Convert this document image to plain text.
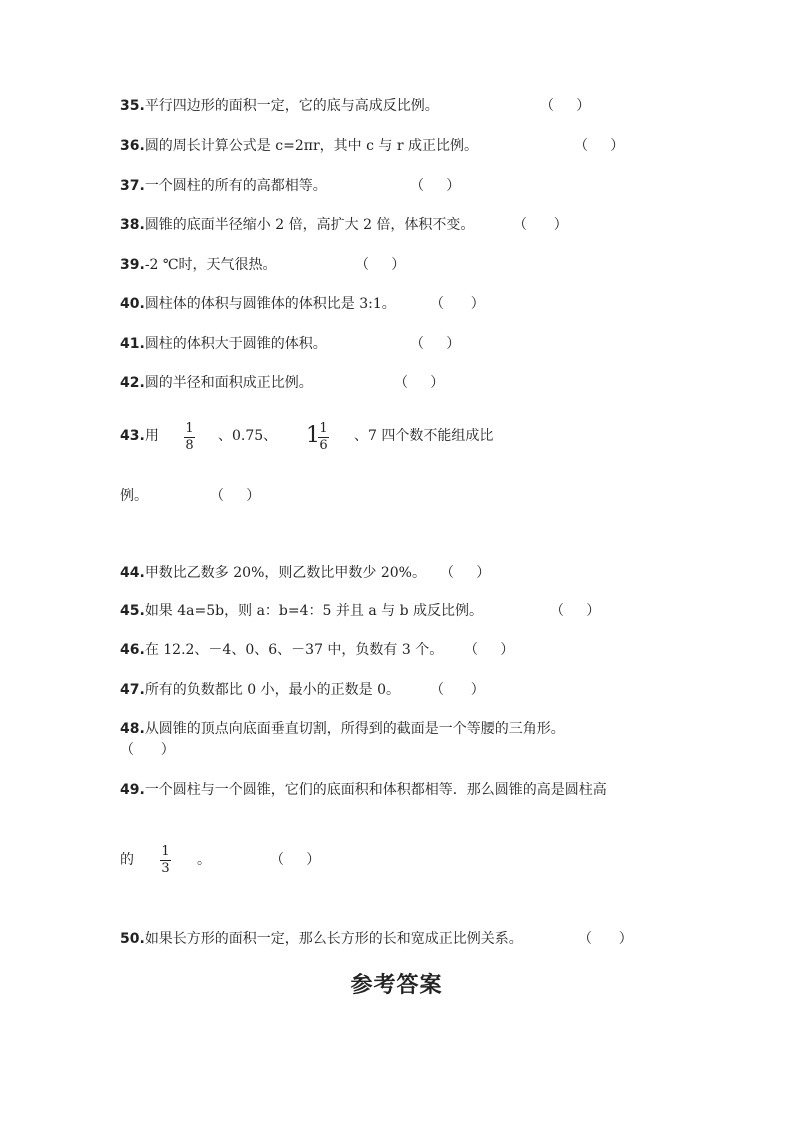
35.平行四边形的面积一定，它的底与高成反比例。	（     ）
36.圆的周长计算公式是 c=2πr，其中 c 与 r 成正比例。	（     ）
37.一个圆柱的所有的高都相等。	（     ）
38.圆锥的底面半径缩小 2 倍，高扩大 2 倍，体积不变。	（      ）
39.-2 ℃时，天气很热。	（     ）
40.圆柱体的体积与圆锥体的体积比是 3:1。 （      ）
41.圆柱的体积大于圆锥的体积。	（     ）
42.圆的半径和面积成正比例。	（     ）
43.用 1
8
、0.75、 1 1
6
、7 四个数不能组成比
例。	（     ）
44.甲数比乙数多 20%，则乙数比甲数少 20%。 （     ）
45.如果 4a=5b，则 a：b=4：5 并且 a 与 b 成反比例。	（     ）
46.在 12.2、－4、0、6、－37 中，负数有 3 个。 （     ）
47.所有的负数都比 0 小，最小的正数是 0。 （      ）
48.从圆锥的顶点向底面垂直切割，所得到的截面是一个等腰的三角形。
（      ）
49.一个圆柱与一个圆锥，它们的底面积和体积都相等．那么圆锥的高是圆柱高
的
1
3
。	（     ）
50.如果长方形的面积一定，那么长方形的长和宽成正比例关系。	（      ）
参考答案
